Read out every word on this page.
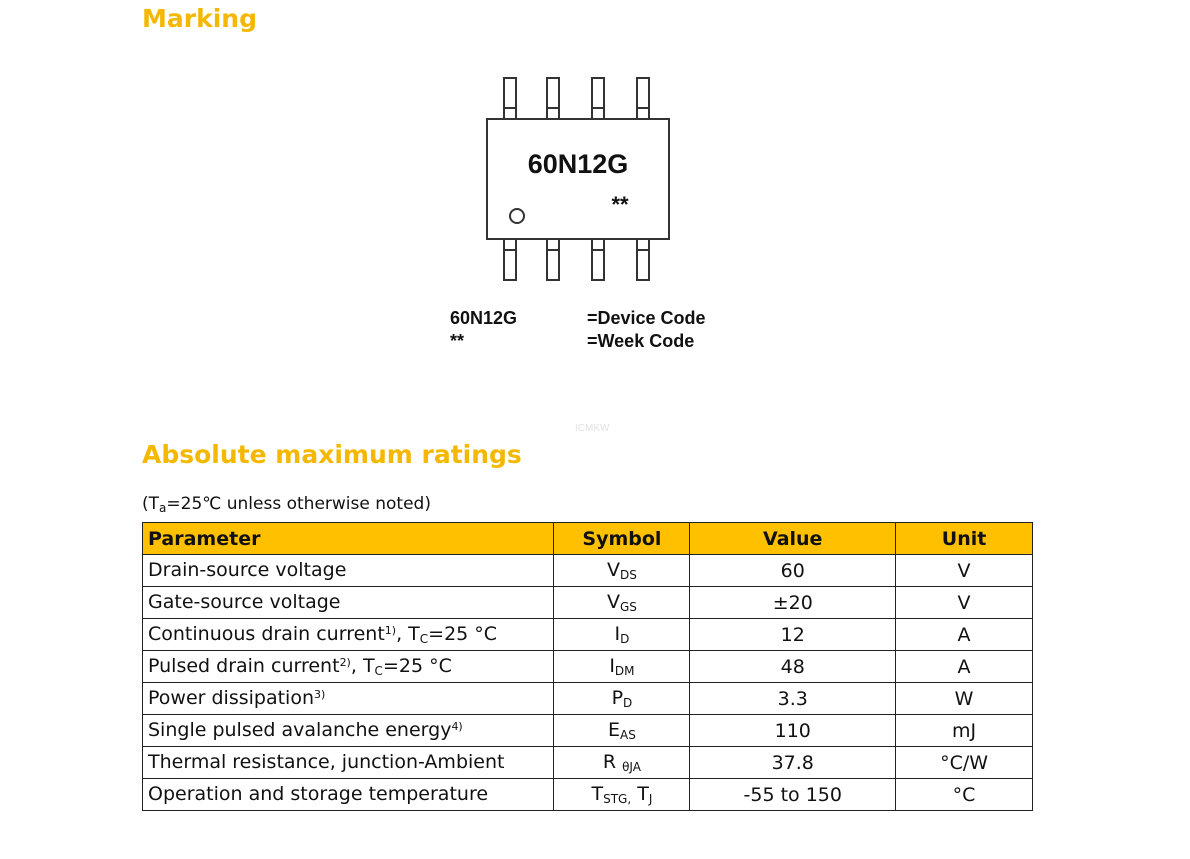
Marking
60N12G
**
60N12G	=Device Code
**	=Week Code
ICMKW
Absolute maximum ratings
($T_a=25℃$ unless otherwise noted)
Parameter	Symbol	Value	Unit
Drain-source voltage	$V_{DS}$	60	V
Gate-source voltage	$V_{GS}$	±20	V
Continuous drain current$^{1)}$, $T_C=25$ °C	$I_D$	12	A
Pulsed drain current$^{2)}$, $T_C=25$ °C	$I_{DM}$	48	A
Power dissipation$^{3)}$	$P_D$	3.3	W
Single pulsed avalanche energy$^{4)}$	$E_{AS}$	110	mJ
Thermal resistance, junction-Ambient	R $_{\theta JA}$	37.8	°C/W
Operation and storage temperature	$T_{STG,}$ $T_J$	-55 to 150	°C
